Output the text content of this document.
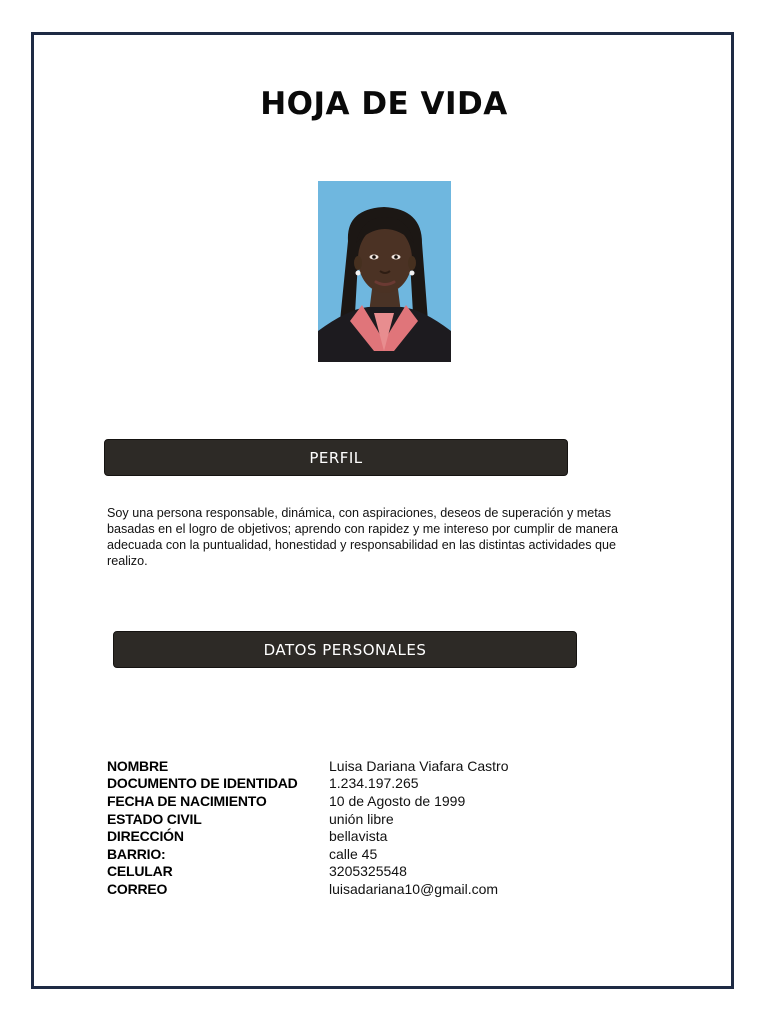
HOJA DE VIDA
PERFIL
Soy una persona responsable, dinámica, con aspiraciones, deseos de superación y metas basadas en el logro de objetivos; aprendo con rapidez y me intereso por cumplir de manera adecuada con la puntualidad, honestidad y responsabilidad en las distintas actividades que realizo.
DATOS PERSONALES
NOMBRE	Luisa Dariana Viafara Castro
DOCUMENTO DE IDENTIDAD	1.234.197.265
FECHA DE NACIMIENTO	10 de Agosto de 1999
ESTADO CIVIL	unión libre
DIRECCIÓN	bellavista
BARRIO:	calle 45
CELULAR	3205325548
CORREO	luisadariana10@gmail.com
